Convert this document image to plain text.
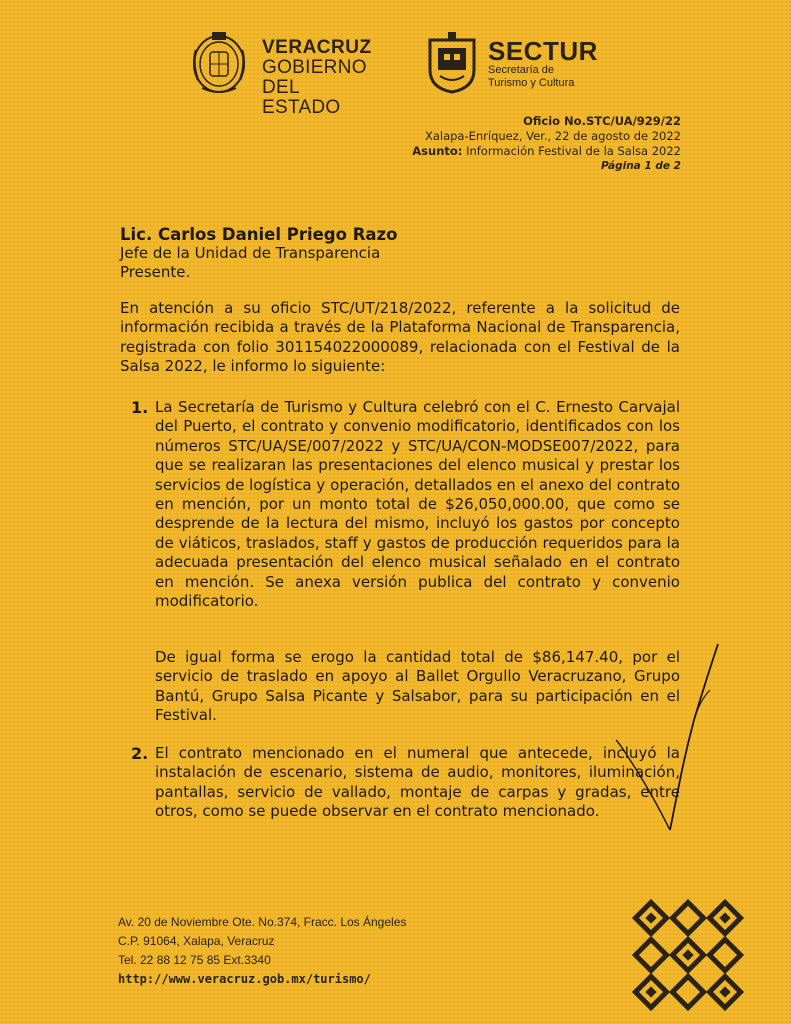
VERACRUZ
GOBIERNO
DEL ESTADO
SECTUR
Secretaría de
Turismo y Cultura
Oficio No.STC/UA/929/22
Xalapa-Enríquez, Ver., 22 de agosto de 2022
Asunto: Información Festival de la Salsa 2022
Página 1 de 2
Lic. Carlos Daniel Priego Razo
Jefe de la Unidad de Transparencia
Presente.
En atención a su oficio STC/UT/218/2022, referente a la solicitud de información recibida a través de la Plataforma Nacional de Transparencia, registrada con folio 301154022000089, relacionada con el Festival de la Salsa 2022, le informo lo siguiente:
1. La Secretaría de Turismo y Cultura celebró con el C. Ernesto Carvajal del Puerto, el contrato y convenio modificatorio, identificados con los números STC/UA/SE/007/2022 y STC/UA/CON-MODSE007/2022, para que se realizaran las presentaciones del elenco musical y prestar los servicios de logística y operación, detallados en el anexo del contrato en mención, por un monto total de $26,050,000.00, que como se desprende de la lectura del mismo, incluyó los gastos por concepto de viáticos, traslados, staff y gastos de producción requeridos para la adecuada presentación del elenco musical señalado en el contrato en mención. Se anexa versión publica del contrato y convenio modificatorio.
De igual forma se erogo la cantidad total de $86,147.40, por el servicio de traslado en apoyo al Ballet Orgullo Veracruzano, Grupo Bantú, Grupo Salsa Picante y Salsabor, para su participación en el Festival.
2. El contrato mencionado en el numeral que antecede, incluyó la instalación de escenario, sistema de audio, monitores, iluminación, pantallas, servicio de vallado, montaje de carpas y gradas, entre otros, como se puede observar en el contrato mencionado.
Av. 20 de Noviembre Ote. No.374, Fracc. Los Ángeles
C.P. 91064, Xalapa, Veracruz
Tel. 22 88 12 75 85 Ext.3340
http://www.veracruz.gob.mx/turismo/
